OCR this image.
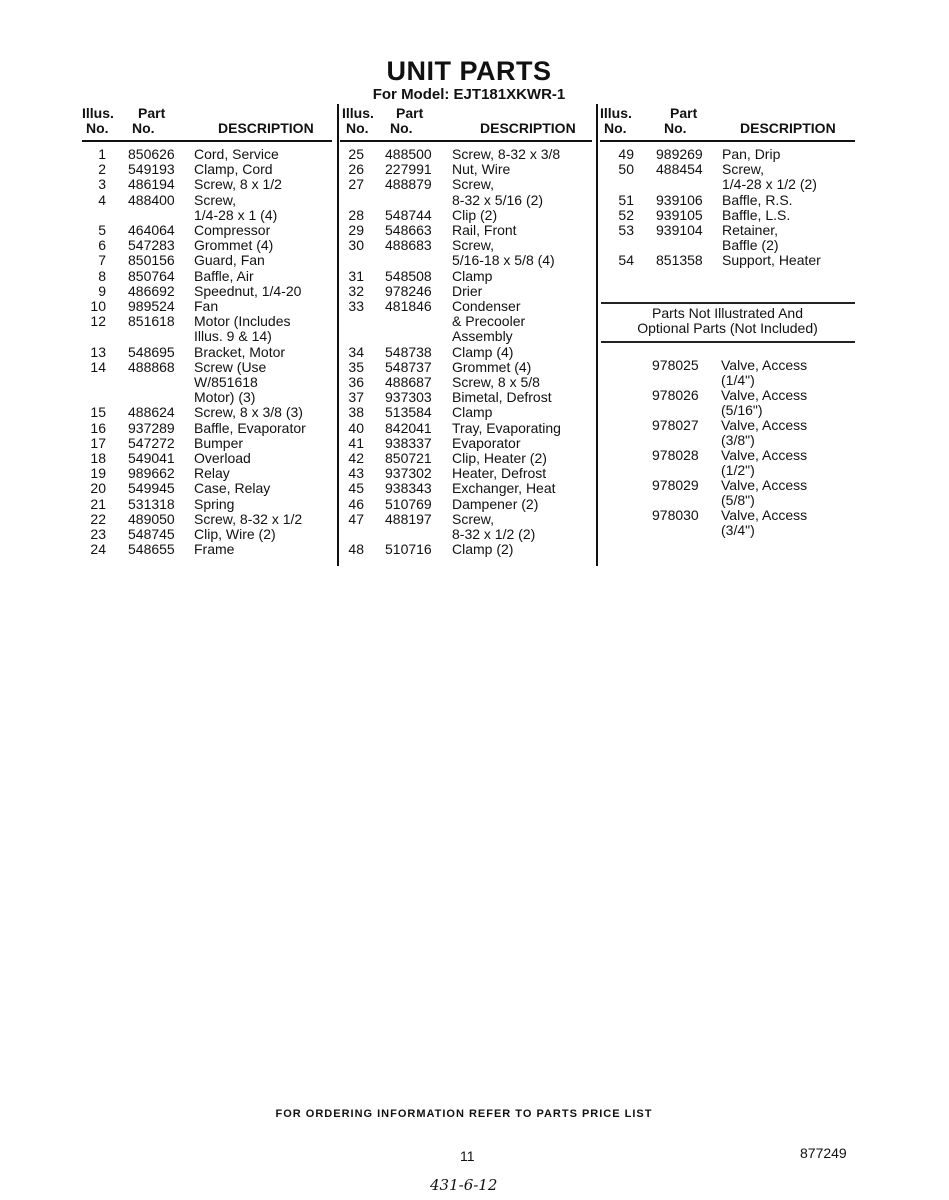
UNIT PARTS
For Model: EJT181XKWR-1
Illus.
No.
Part
No.	DESCRIPTION
1 850626	Cord, Service
2 549193	Clamp, Cord
3 486194	Screw, 8 x 1/2
4 488400	Screw,
1/4-28 x 1 (4)
5 464064	Compressor
6 547283	Grommet (4)
7 850156	Guard, Fan
8 850764	Baffle, Air
9 486692	Speednut, 1/4-20
10 989524	Fan
12 851618	Motor (Includes
Illus. 9 & 14)
13 548695	Bracket, Motor
14 488868	Screw (Use
W/851618
Motor) (3)
15 488624	Screw, 8 x 3/8 (3)
16 937289	Baffle, Evaporator
17 547272	Bumper
18 549041	Overload
19 989662	Relay
20 549945	Case, Relay
21 531318	Spring
22 489050	Screw, 8-32 x 1/2
23 548745	Clip, Wire (2)
24 548655	Frame
Illus.
No.
Part
No.	DESCRIPTION
25 488500	Screw, 8-32 x 3/8
26 227991	Nut, Wire
27 488879	Screw,
8-32 x 5/16 (2)
28 548744	Clip (2)
29 548663	Rail, Front
30 488683	Screw,
5/16-18 x 5/8 (4)
31 548508	Clamp
32 978246	Drier
33 481846	Condenser
& Precooler
Assembly
34 548738	Clamp (4)
35 548737	Grommet (4)
36 488687	Screw, 8 x 5/8
37 937303	Bimetal, Defrost
38 513584	Clamp
40 842041	Tray, Evaporating
41 938337	Evaporator
42 850721	Clip, Heater (2)
43 937302	Heater, Defrost
45 938343	Exchanger, Heat
46 510769	Dampener (2)
47 488197	Screw,
8-32 x 1/2 (2)
48 510716	Clamp (2)
Illus.
No.
Part
No.	DESCRIPTION
49 989269	Pan, Drip
50 488454	Screw,
1/4-28 x 1/2 (2)
51 939106	Baffle, R.S.
52 939105	Baffle, L.S.
53 939104	Retainer,
Baffle (2)
54 851358	Support, Heater
Parts Not Illustrated And
Optional Parts (Not Included)
978025	Valve, Access
(1/4")
978026	Valve, Access
(5/16")
978027	Valve, Access
(3/8")
978028	Valve, Access
(1/2")
978029	Valve, Access
(5/8")
978030	Valve, Access
(3/4")
FOR ORDERING INFORMATION REFER TO PARTS PRICE LIST
11	877249
431-6-12
